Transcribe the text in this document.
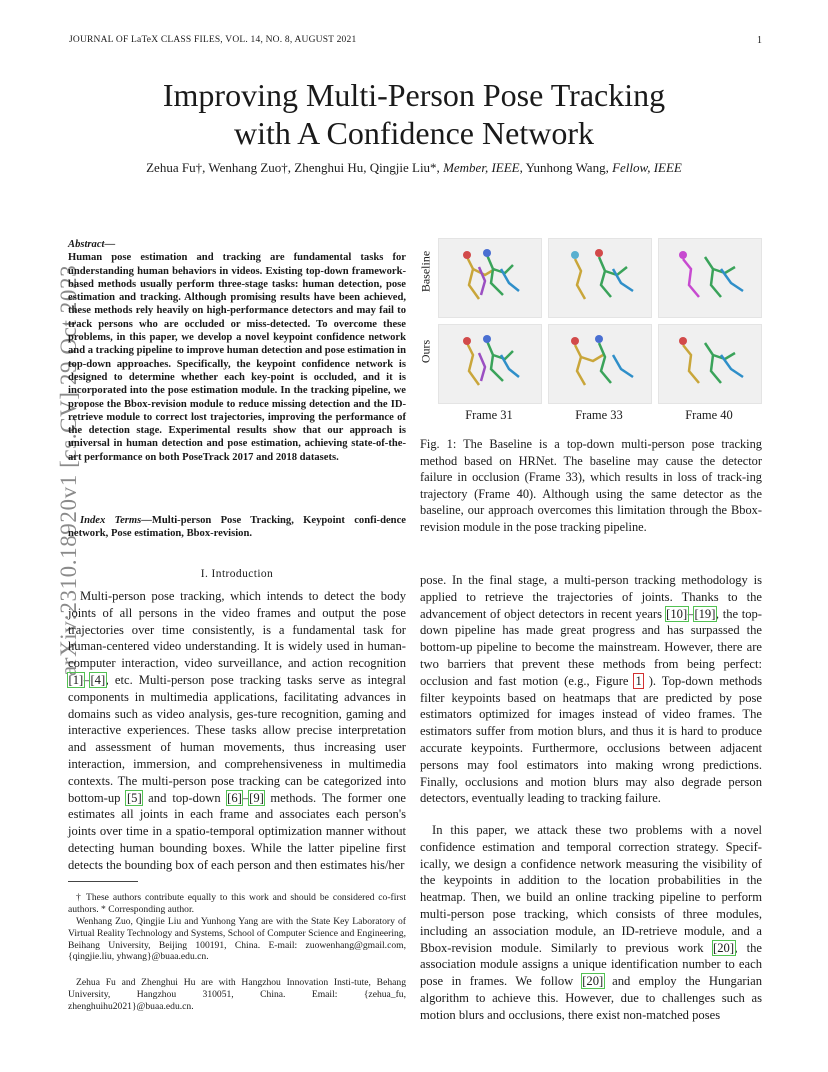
JOURNAL OF LaTeX CLASS FILES, VOL. 14, NO. 8, AUGUST 2021	1
Improving Multi-Person Pose Tracking
with A Confidence Network
Zehua Fu†, Wenhang Zuo†, Zhenghui Hu, Qingjie Liu*, Member, IEEE, Yunhong Wang, Fellow, IEEE
arXiv:2310.18920v1 [cs.CV] 29 Oct 2023
Abstract—
Human pose estimation and tracking are fundamental tasks for understanding human behaviors in videos. Existing top-down framework-based methods usually perform three-stage tasks: human detection, pose estimation and tracking. Although promising results have been achieved, these methods rely heavily on high-performance detectors and may fail to track persons who are occluded or miss-detected. To overcome these problems, in this paper, we develop a novel keypoint confidence network and a tracking pipeline to improve human detection and pose estimation in top-down approaches. Specifically, the keypoint confidence network is designed to determine whether each key-point is occluded, and it is incorporated into the pose estimation module. In the tracking pipeline, we propose the Bbox-revision module to reduce missing detection and the ID-retrieve module to correct lost trajectories, improving the performance of the detection stage. Experimental results show that our approach is universal in human detection and pose estimation, achieving state-of-the-art performance on both PoseTrack 2017 and 2018 datasets.
Index Terms—Multi-person Pose Tracking, Keypoint confi-dence network, Pose estimation, Bbox-revision.
I. Introduction
Multi-person pose tracking, which intends to detect the body joints of all persons in the video frames and output the pose trajectories over time consistently, is a fundamental task for human-centered video understanding. It is widely used in human-computer interaction, video surveillance, and action recognition [1]–[4], etc. Multi-person pose tracking tasks serve as integral components in multimedia applications, facilitating advances in domains such as video analysis, ges-ture recognition, gaming and interactive experiences. These tasks allow precise interpretation and assessment of human movements, thus increasing user interaction, immersion, and comprehensiveness in multimedia contexts. The multi-person pose tracking can be categorized into bottom-up [5] and top-down [6]–[9] methods. The former one estimates all joints in each frame and associates each person's joints over time in a spatio-temporal optimization manner without detecting human bounding boxes. While the latter pipeline first detects the bounding box of each person and then estimates his/her
† These authors contribute equally to this work and should be considered co-first authors. * Corresponding author.
Wenhang Zuo, Qingjie Liu and Yunhong Yang are with the State Key Laboratory of Virtual Reality Technology and Systems, School of Computer Science and Engineering, Beihang University, Beijing 100191, China. E-mail: zuowenhang@gmail.com, {qingjie.liu, yhwang}@buaa.edu.cn.
Zehua Fu and Zhenghui Hu are with Hangzhou Innovation Insti-tute, Behang University, Hangzhou 310051, China. Email: {zehua_fu, zhenghuihu2021}@buaa.edu.cn.
Baseline
Ours
Frame 31	Frame 33	Frame 40
Fig. 1: The Baseline is a top-down multi-person pose tracking method based on HRNet. The baseline may cause the detector failure in occlusion (Frame 33), which results in loss of track-ing trajectory (Frame 40). Although using the same detector as the baseline, our approach overcomes this limitation through the Bbox-revision module in the pose tracking pipeline.
pose. In the final stage, a multi-person tracking methodology is applied to retrieve the trajectories of joints. Thanks to the advancement of object detectors in recent years [10]–[19], the top-down pipeline has made great progress and has surpassed the bottom-up pipeline to become the mainstream. However, there are two barriers that prevent these methods from being perfect: occlusion and fast motion (e.g., Figure 1 ). Top-down methods filter keypoints based on heatmaps that are predicted by pose estimators optimized for images instead of video frames. The estimators suffer from motion blurs, and thus it is hard to produce accurate keypoints. Furthermore, occlusions between adjacent persons may fool estimators into making wrong predictions. Finally, occlusions and motion blurs may also degrade person detectors, eventually leading to tracking failure.
In this paper, we attack these two problems with a novel confidence estimation and temporal correction strategy. Specif-ically, we design a confidence network measuring the visibility of the keypoints in addition to the location probabilities in the heatmap. Then, we build an online tracking pipeline to perform multi-person pose tracking, which consists of three modules, including an association module, an ID-retrieve module, and a Bbox-revision module. Similarly to previous work [20], the association module assigns a unique identification number to each pose in frames. We follow [20] and employ the Hungarian algorithm to achieve this. However, due to challenges such as motion blurs and occlusions, there exist non-matched poses
